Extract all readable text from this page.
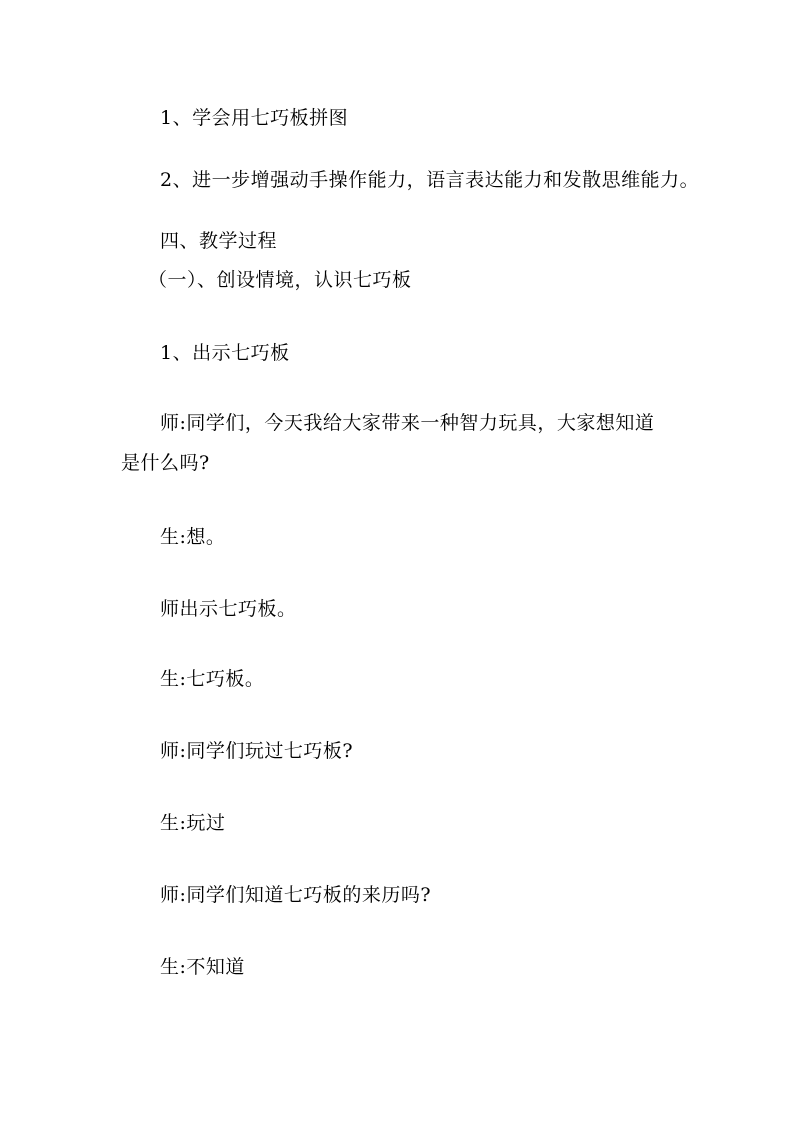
1、学会用七巧板拼图
2、进一步增强动手操作能力，语言表达能力和发散思维能力。
四、教学过程
（一）、创设情境，认识七巧板
1、出示七巧板
师:同学们，今天我给大家带来一种智力玩具，大家想知道
是什么吗?
生:想。
师出示七巧板。
生:七巧板。
师:同学们玩过七巧板?
生:玩过
师:同学们知道七巧板的来历吗?
生:不知道
